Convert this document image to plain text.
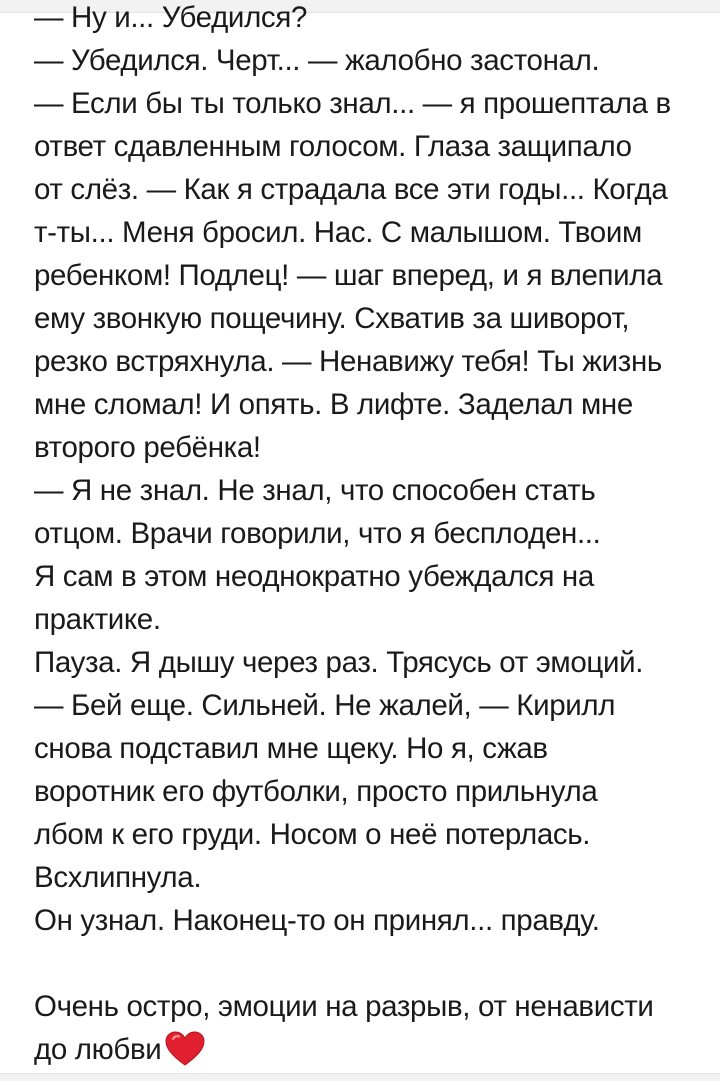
— Ну и... Убедился?

— Убедился. Черт... — жалобно застонал.

— Если бы ты только знал... — я прошептала в

ответ сдавленным голосом. Глаза защипало

от слёз. — Как я страдала все эти годы... Когда

т-ты... Меня бросил. Нас. С малышом. Твоим

ребенком! Подлец! — шаг вперед, и я влепила

ему звонкую пощечину. Схватив за шиворот,

резко встряхнула. — Ненавижу тебя! Ты жизнь

мне сломал! И опять. В лифте. Заделал мне

второго ребёнка!

— Я не знал. Не знал, что способен стать

отцом. Врачи говорили, что я бесплоден...

Я сам в этом неоднократно убеждался на

практике.

Пауза. Я дышу через раз. Трясусь от эмоций.

— Бей еще. Сильней. Не жалей, — Кирилл

снова подставил мне щеку. Но я, сжав

воротник его футболки, просто прильнула

лбом к его груди. Носом о неё потерлась.

Всхлипнула.

Он узнал. Наконец-то он принял... правду.

Очень остро, эмоции на разрыв, от ненависти

до любви
